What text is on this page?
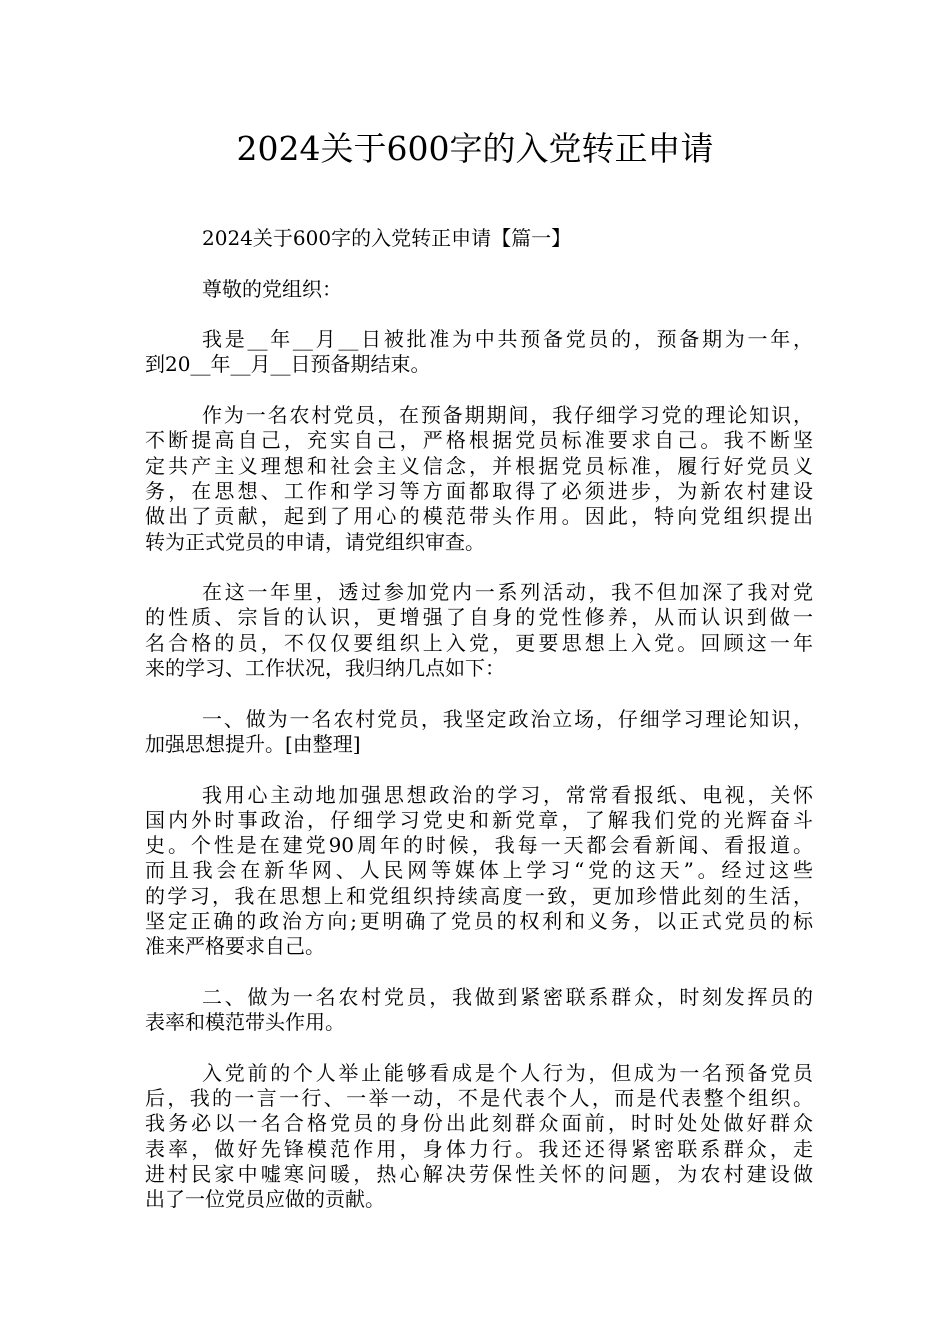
2024关于600字的入党转正申请
2024关于600字的入党转正申请【篇一】
尊敬的党组织：
我是__年__月__日被批准为中共预备党员的，预备期为一年，
到20__年__月__日预备期结束。
作为一名农村党员，在预备期期间，我仔细学习党的理论知识，
不断提高自己，充实自己，严格根据党员标准要求自己。我不断坚
定共产主义理想和社会主义信念，并根据党员标准，履行好党员义
务，在思想、工作和学习等方面都取得了必须进步，为新农村建设
做出了贡献，起到了用心的模范带头作用。因此，特向党组织提出
转为正式党员的申请，请党组织审查。
在这一年里，透过参加党内一系列活动，我不但加深了我对党
的性质、宗旨的认识，更增强了自身的党性修养，从而认识到做一
名合格的员，不仅仅要组织上入党，更要思想上入党。回顾这一年
来的学习、工作状况，我归纳几点如下：
一、做为一名农村党员，我坚定政治立场，仔细学习理论知识，
加强思想提升。[由整理]
我用心主动地加强思想政治的学习，常常看报纸、电视，关怀
国内外时事政治，仔细学习党史和新党章，了解我们党的光辉奋斗
史。个性是在建党90周年的时候，我每一天都会看新闻、看报道。
而且我会在新华网、人民网等媒体上学习“党的这天”。经过这些
的学习，我在思想上和党组织持续高度一致，更加珍惜此刻的生活，
坚定正确的政治方向;更明确了党员的权利和义务，以正式党员的标
准来严格要求自己。
二、做为一名农村党员，我做到紧密联系群众，时刻发挥员的
表率和模范带头作用。
入党前的个人举止能够看成是个人行为，但成为一名预备党员
后，我的一言一行、一举一动，不是代表个人，而是代表整个组织。
我务必以一名合格党员的身份出此刻群众面前，时时处处做好群众
表率，做好先锋模范作用，身体力行。我还还得紧密联系群众，走
进村民家中嘘寒问暖，热心解决劳保性关怀的问题，为农村建设做
出了一位党员应做的贡献。
